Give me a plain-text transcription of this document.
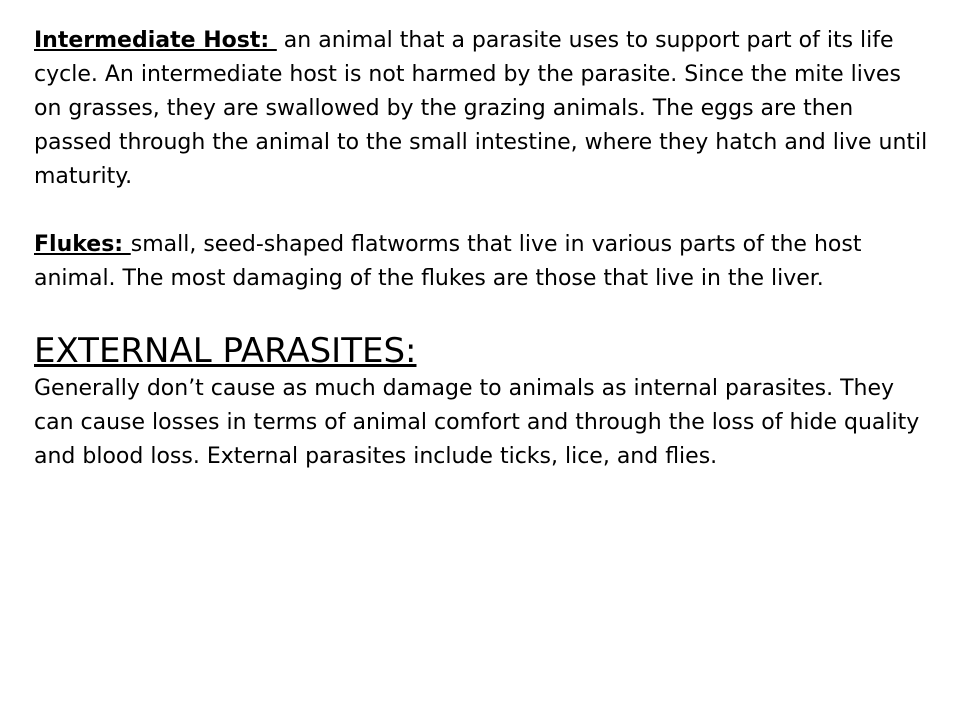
Intermediate Host:  an animal that a parasite uses to support part of its life cycle. An intermediate host is not harmed by the parasite. Since the mite lives on grasses, they are swallowed by the grazing animals. The eggs are then passed through the animal to the small intestine, where they hatch and live until maturity.

Flukes: small, seed-shaped flatworms that live in various parts of the host animal. The most damaging of the flukes are those that live in the liver.

EXTERNAL PARASITES:

Generally don’t cause as much damage to animals as internal parasites. They can cause losses in terms of animal comfort and through the loss of hide quality and blood loss. External parasites include ticks, lice, and flies.
